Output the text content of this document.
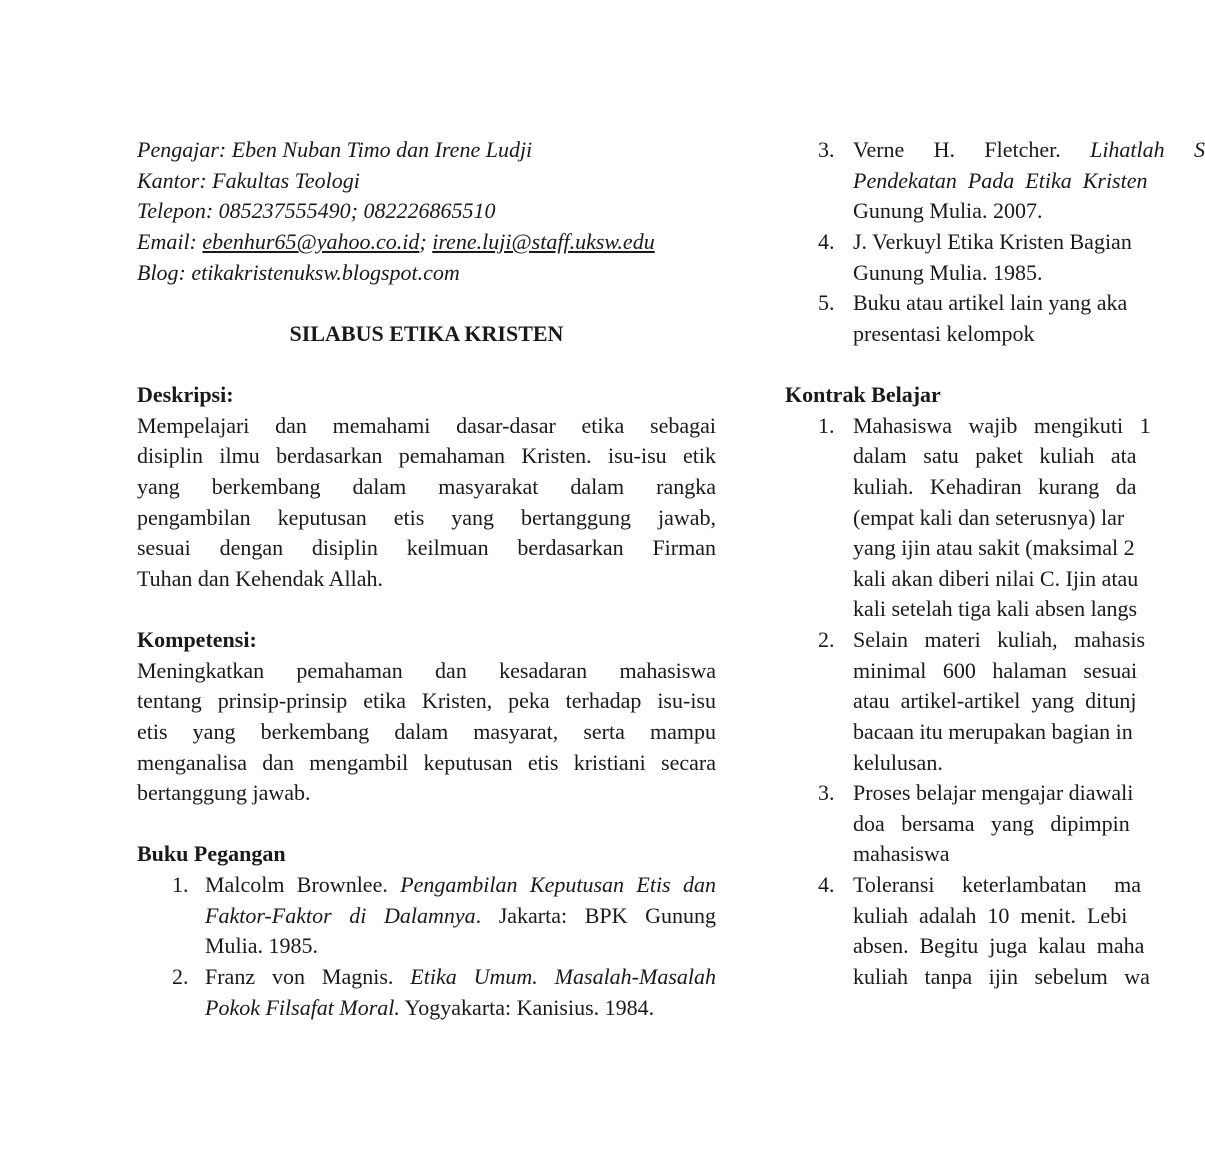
Pengajar: Eben Nuban Timo dan Irene Ludji
Kantor: Fakultas Teologi
Telepon: 085237555490; 082226865510
Email: ebenhur65@yahoo.co.id; irene.luji@staff.uksw.edu
Blog: etikakristenuksw.blogspot.com
SILABUS ETIKA KRISTEN
Deskripsi:
Mempelajari dan memahami dasar-dasar etika sebagai
disiplin ilmu berdasarkan pemahaman Kristen. isu-isu etik
yang berkembang dalam masyarakat dalam rangka
pengambilan keputusan etis yang bertanggung jawab,
sesuai dengan disiplin keilmuan berdasarkan Firman
Tuhan dan Kehendak Allah.
Kompetensi:
Meningkatkan pemahaman dan kesadaran mahasiswa
tentang prinsip-prinsip etika Kristen, peka terhadap isu-isu
etis yang berkembang dalam masyarat, serta mampu
menganalisa dan mengambil keputusan etis kristiani secara
bertanggung jawab.
Buku Pegangan
1. Malcolm Brownlee. Pengambilan Keputusan Etis dan
Faktor-Faktor di Dalamnya. Jakarta: BPK Gunung
Mulia. 1985.
2. Franz von Magnis. Etika Umum. Masalah-Masalah
Pokok Filsafat Moral. Yogyakarta: Kanisius. 1984.
3. Verne H. Fletcher. Lihatlah S
Pendekatan  Pada  Etika  Kristen
Gunung Mulia. 2007.
4. J. Verkuyl Etika Kristen Bagian
Gunung Mulia. 1985.
5. Buku atau artikel lain yang aka
presentasi kelompok
Kontrak Belajar
1. Mahasiswa   wajib   mengikuti   1
dalam   satu   paket   kuliah   ata
kuliah.   Kehadiran   kurang   da
(empat kali dan seterusnya) lar
yang ijin atau sakit (maksimal 2
kali akan diberi nilai C. Ijin atau
kali setelah tiga kali absen langs
2. Selain   materi   kuliah,   mahasis
minimal   600   halaman   sesuai
atau  artikel-artikel  yang  ditunj
bacaan itu merupakan bagian in
kelulusan.
3. Proses belajar mengajar diawali
doa   bersama   yang   dipimpin
mahasiswa
4. Toleransi     keterlambatan     ma
kuliah  adalah  10  menit.  Lebi
absen.  Begitu  juga  kalau  maha
kuliah   tanpa   ijin   sebelum   wa
